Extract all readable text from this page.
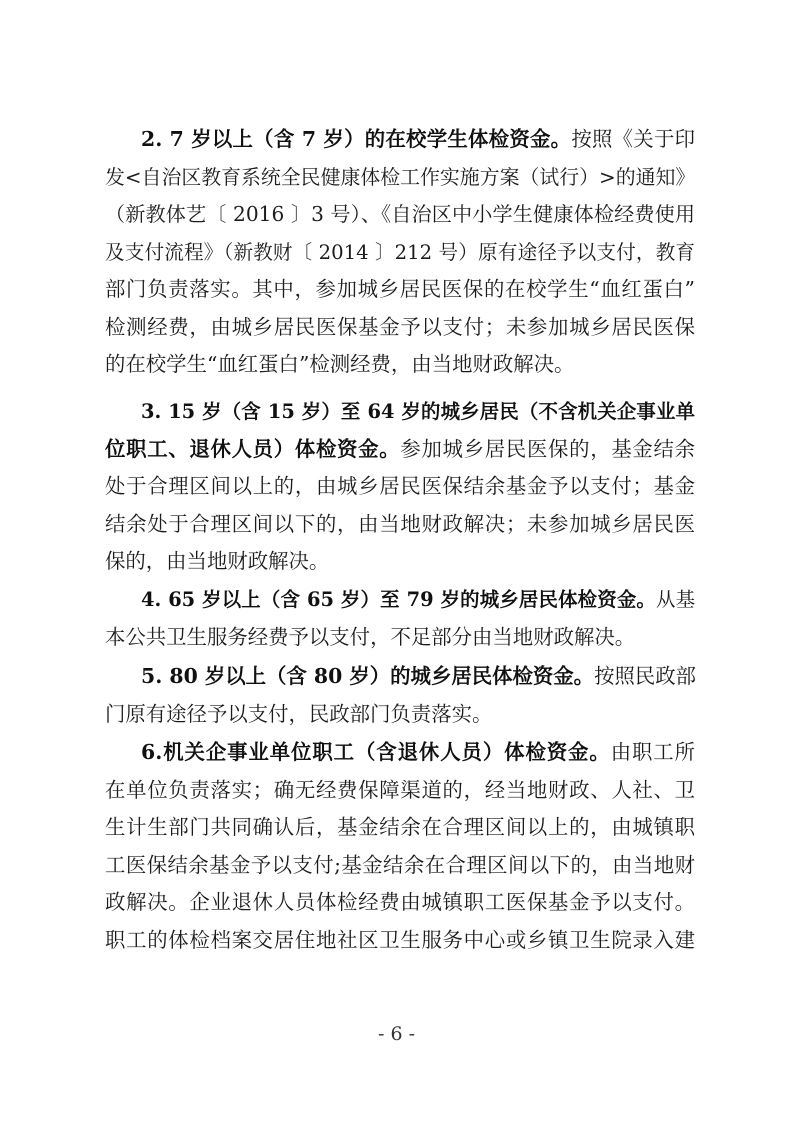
2. 7 岁以上（含 7 岁）的在校学生体检资金。按照《关于印
发<自治区教育系统全民健康体检工作实施方案（试行）>的通知》
（新教体艺〔 2016 〕3 号）、《自治区中小学生健康体检经费使用
及支付流程》（新教财〔 2014 〕212 号）原有途径予以支付，教育
部门负责落实。其中，参加城乡居民医保的在校学生“血红蛋白”
检测经费，由城乡居民医保基金予以支付；未参加城乡居民医保
的在校学生“血红蛋白”检测经费，由当地财政解决。
3. 15 岁（含 15 岁）至 64 岁的城乡居民（不含机关企事业单
位职工、退休人员）体检资金。参加城乡居民医保的，基金结余
处于合理区间以上的，由城乡居民医保结余基金予以支付；基金
结余处于合理区间以下的，由当地财政解决；未参加城乡居民医
保的，由当地财政解决。
4. 65 岁以上（含 65 岁）至 79 岁的城乡居民体检资金。从基
本公共卫生服务经费予以支付，不足部分由当地财政解决。
5. 80 岁以上（含 80 岁）的城乡居民体检资金。按照民政部
门原有途径予以支付，民政部门负责落实。
6.机关企事业单位职工（含退休人员）体检资金。由职工所
在单位负责落实；确无经费保障渠道的，经当地财政、人社、卫
生计生部门共同确认后，基金结余在合理区间以上的，由城镇职
工医保结余基金予以支付;基金结余在合理区间以下的，由当地财
政解决。企业退休人员体检经费由城镇职工医保基金予以支付。
职工的体检档案交居住地社区卫生服务中心或乡镇卫生院录入建
- 6 -
